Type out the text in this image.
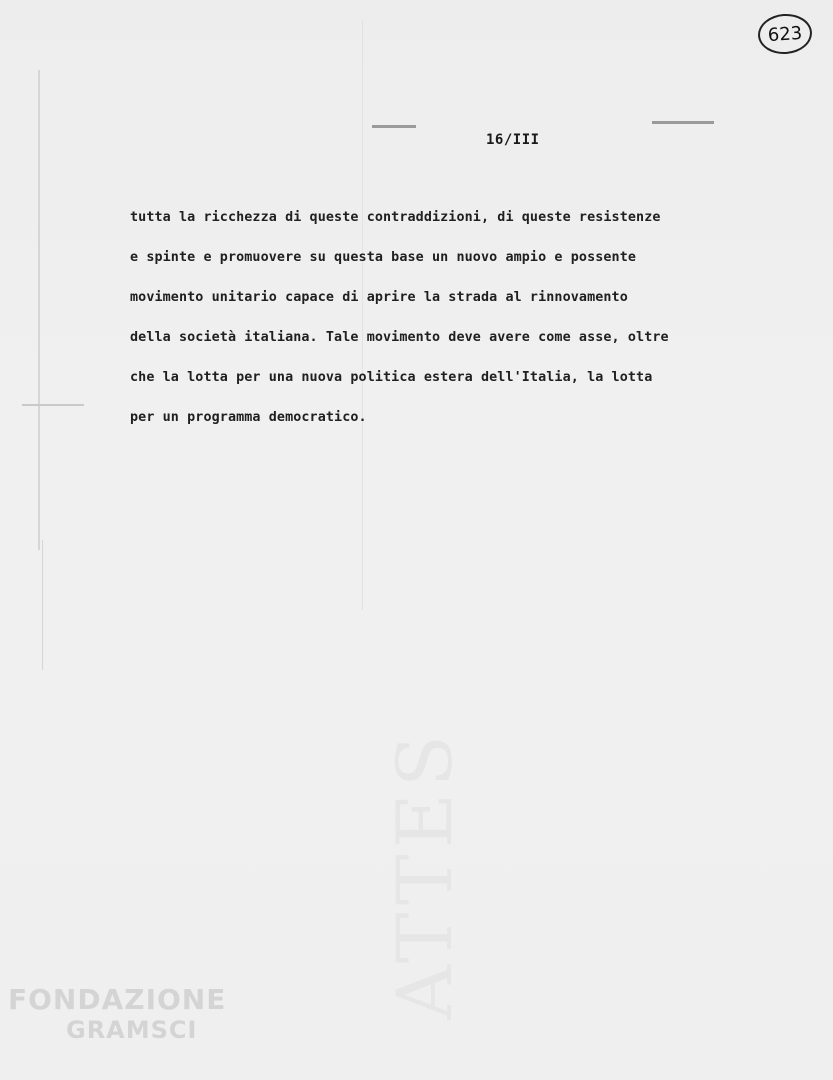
623
16/III
tutta la ricchezza di queste contraddizioni, di queste resistenze
e spinte e promuovere su questa base un nuovo ampio e possente
movimento unitario capace di aprire la strada al rinnovamento
della società italiana. Tale movimento deve avere come asse, oltre
che la lotta per una nuova politica estera dell'Italia, la lotta
per un programma democratico.
FONDAZIONE
GRAMSCI
